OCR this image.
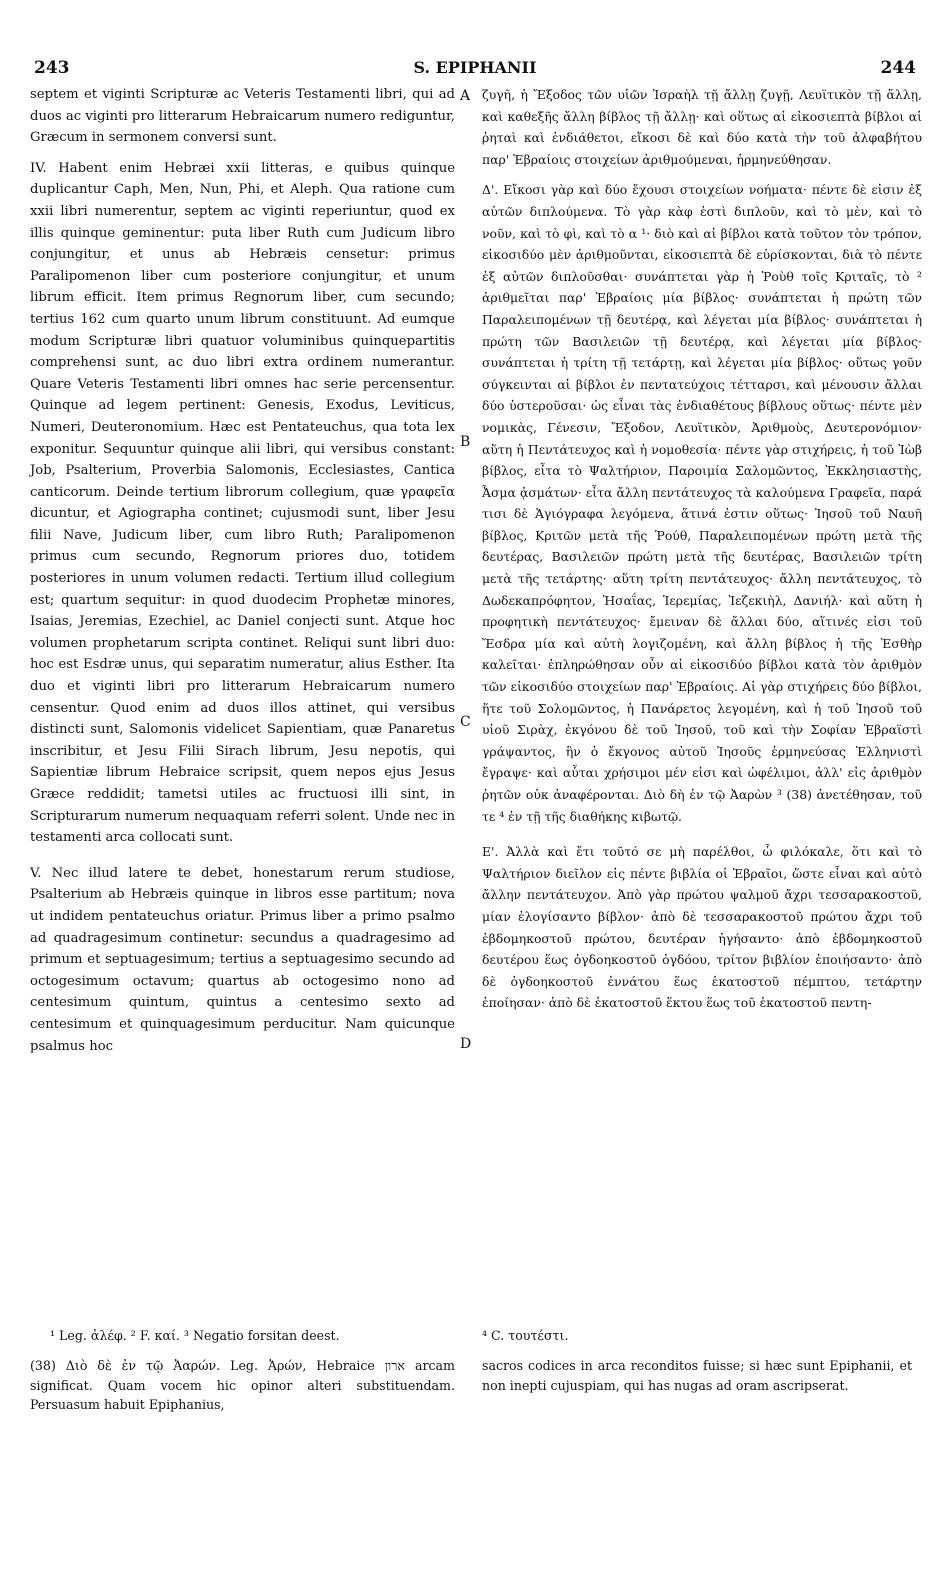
243	S. EPIPHANII	244

septem et viginti Scripturæ ac Veteris Testamenti libri, qui ad duos ac viginti pro litterarum Hebraicarum numero rediguntur, Græcum in sermonem conversi sunt.

IV. Habent enim Hebræi xxii litteras, e quibus quinque duplicantur Caph, Men, Nun, Phi, et Aleph. Qua ratione cum xxii libri numerentur, septem ac viginti reperiuntur, quod ex illis quinque geminentur: puta liber Ruth cum Judicum libro conjungitur, et unus ab Hebræis censetur: primus Paralipomenon liber cum posteriore conjungitur, et unum librum efficit. Item primus Regnorum liber, cum secundo; tertius 162 cum quarto unum librum constituunt. Ad eumque modum Scripturæ libri quatuor voluminibus quinquepartitis comprehensi sunt, ac duo libri extra ordinem numerantur. Quare Veteris Testamenti libri omnes hac serie percensentur. Quinque ad legem pertinent: Genesis, Exodus, Leviticus, Numeri, Deuteronomium. Hæc est Pentateuchus, qua tota lex exponitur. Sequuntur quinque alii libri, qui versibus constant: Job, Psalterium, Proverbia Salomonis, Ecclesiastes, Cantica canticorum. Deinde tertium librorum collegium, quæ γραφεῖα dicuntur, et Agiographa continet; cujusmodi sunt, liber Jesu filii Nave, Judicum liber, cum libro Ruth; Paralipomenon primus cum secundo, Regnorum priores duo, totidem posteriores in unum volumen redacti. Tertium illud collegium est; quartum sequitur: in quod duodecim Prophetæ minores, Isaias, Jeremias, Ezechiel, ac Daniel conjecti sunt. Atque hoc volumen prophetarum scripta continet. Reliqui sunt libri duo: hoc est Esdræ unus, qui separatim numeratur, alius Esther. Ita duo et viginti libri pro litterarum Hebraicarum numero censentur. Quod enim ad duos illos attinet, qui versibus distincti sunt, Salomonis videlicet Sapientiam, quæ Panaretus inscribitur, et Jesu Filii Sirach librum, Jesu nepotis, qui Sapientiæ librum Hebraice scripsit, quem nepos ejus Jesus Græce reddidit; tametsi utiles ac fructuosi illi sint, in Scripturarum numerum nequaquam referri solent. Unde nec in testamenti arca collocati sunt.

V. Nec illud latere te debet, honestarum rerum studiose, Psalterium ab Hebræis quinque in libros esse partitum; nova ut indidem pentateuchus oriatur. Primus liber a primo psalmo ad quadragesimum continetur: secundus a quadragesimo ad primum et septuagesimum; tertius a septuagesimo secundo ad octogesimum octavum; quartus ab octogesimo nono ad centesimum quintum, quintus a centesimo sexto ad centesimum et quinquagesimum perducitur. Nam quicunque psalmus hoc

A
B
C
D

ζυγῆ, ἡ Ἔξοδος τῶν υἱῶν Ἰσραὴλ τῇ ἄλλῃ ζυγῇ, Λευϊτικὸν τῇ ἄλλῃ, καὶ καθεξῆς ἄλλη βίβλος τῇ ἄλλῃ· καὶ οὕτως αἱ εἰκοσιεπτὰ βίβλοι αἱ ῥηταὶ καὶ ἐνδιάθετοι, εἴκοσι δὲ καὶ δύο κατὰ τὴν τοῦ ἀλφαβήτου παρ' Ἑβραίοις στοιχείων ἀριθμούμεναι, ἡρμηνεύθησαν.

Δ'. Εἴκοσι γὰρ καὶ δύο ἔχουσι στοιχείων νοήματα· πέντε δὲ εἰσιν ἐξ αὐτῶν διπλούμενα. Τὸ γὰρ κὰφ ἐστὶ διπλοῦν, καὶ τὸ μὲν, καὶ τὸ νοῦν, καὶ τὸ φὶ, καὶ τὸ α ¹· διὸ καὶ αἱ βίβλοι κατὰ τοῦτον τὸν τρόπον, εἰκοσιδύο μὲν ἀριθμοῦνται, εἰκοσιεπτὰ δὲ εὑρίσκονται, διὰ τὸ πέντε ἐξ αὐτῶν διπλοῦσθαι· συνάπτεται γὰρ ἡ Ῥοὺθ τοῖς Κριταῖς, τὸ ² ἀριθμεῖται παρ' Ἑβραίοις μία βίβλος· συνάπτεται ἡ πρώτη τῶν Παραλειπομένων τῇ δευτέρᾳ, καὶ λέγεται μία βίβλος· συνάπτεται ἡ πρώτη τῶν Βασιλειῶν τῇ δευτέρᾳ, καὶ λέγεται μία βίβλος· συνάπτεται ἡ τρίτη τῇ τετάρτῃ, καὶ λέγεται μία βίβλος· οὕτως γοῦν σύγκεινται αἱ βίβλοι ἐν πεντατεύχοις τέτταρσι, καὶ μένουσιν ἄλλαι δύο ὑστεροῦσαι· ὡς εἶναι τὰς ἐνδιαθέτους βίβλους οὕτως· πέντε μὲν νομικὰς, Γένεσιν, Ἔξοδον, Λευϊτικὸν, Ἀριθμοὺς, Δευτερονόμιον· αὕτη ἡ Πεντάτευχος καὶ ἡ νομοθεσία· πέντε γὰρ στιχήρεις, ἡ τοῦ Ἰὼβ βίβλος, εἶτα τὸ Ψαλτήριον, Παροιμία Σαλομῶντος, Ἐκκλησιαστὴς, Ἆσμα ᾀσμάτων· εἶτα ἄλλη πεντάτευχος τὰ καλούμενα Γραφεῖα, παρά τισι δὲ Ἁγιόγραφα λεγόμενα, ἅτινά ἐστιν οὕτως· Ἰησοῦ τοῦ Ναυῆ βίβλος, Κριτῶν μετὰ τῆς Ῥούθ, Παραλειπομένων πρώτη μετὰ τῆς δευτέρας, Βασιλειῶν πρώτη μετὰ τῆς δευτέρας, Βασιλειῶν τρίτη μετὰ τῆς τετάρτης· αὕτη τρίτη πεντάτευχος· ἄλλη πεντάτευχος, τὸ Δωδεκαπρόφητον, Ἡσαΐας, Ἱερεμίας, Ἰεζεκιὴλ, Δανιήλ· καὶ αὕτη ἡ προφητικὴ πεντάτευχος· ἔμειναν δὲ ἄλλαι δύο, αἵτινές εἰσι τοῦ Ἔσδρα μία καὶ αὐτὴ λογιζομένη, καὶ ἄλλη βίβλος ἡ τῆς Ἐσθὴρ καλεῖται· ἐπληρώθησαν οὖν αἱ εἰκοσιδύο βίβλοι κατὰ τὸν ἀριθμὸν τῶν εἰκοσιδύο στοιχείων παρ' Ἑβραίοις. Αἱ γὰρ στιχήρεις δύο βίβλοι, ἥτε τοῦ Σολομῶντος, ἡ Πανάρετος λεγομένη, καὶ ἡ τοῦ Ἰησοῦ τοῦ υἱοῦ Σιρὰχ, ἐκγόνου δὲ τοῦ Ἰησοῦ, τοῦ καὶ τὴν Σοφίαν Ἑβραϊστὶ γράψαντος, ἣν ὁ ἔκγονος αὐτοῦ Ἰησοῦς ἑρμηνεύσας Ἑλληνιστὶ ἔγραψε· καὶ αὗται χρήσιμοι μέν εἰσι καὶ ὠφέλιμοι, ἀλλ' εἰς ἀριθμὸν ῥητῶν οὐκ ἀναφέρονται. Διὸ δὴ ἐν τῷ Ἀαρὼν ³ (38) ἀνετέθησαν, τοῦ τε ⁴ ἐν τῇ τῆς διαθήκης κιβωτῷ.

Ε'. Ἀλλὰ καὶ ἔτι τοῦτό σε μὴ παρέλθοι, ὦ φιλόκαλε, ὅτι καὶ τὸ Ψαλτήριον διεῖλον εἰς πέντε βιβλία οἱ Ἑβραῖοι, ὥστε εἶναι καὶ αὐτὸ ἄλλην πεντάτευχον. Ἀπὸ γὰρ πρώτου ψαλμοῦ ἄχρι τεσσαρακοστοῦ, μίαν ἐλογίσαντο βίβλον· ἀπὸ δὲ τεσσαρακοστοῦ πρώτου ἄχρι τοῦ ἑβδομηκοστοῦ πρώτου, δευτέραν ἡγήσαντο· ἀπὸ ἑβδομηκοστοῦ δευτέρου ἕως ὀγδοηκοστοῦ ὀγδόου, τρίτον βιβλίον ἐποιήσαντο· ἀπὸ δὲ ὀγδοηκοστοῦ ἐννάτου ἕως ἑκατοστοῦ πέμπτου, τετάρτην ἐποίησαν· ἀπὸ δὲ ἑκατοστοῦ ἕκτου ἕως τοῦ ἑκατοστοῦ πεντη-

¹ Leg. ἀλέφ. ² F. καί. ³ Negatio forsitan deest.	⁴ C. τουτέστι.

(38) Διὸ δὲ ἐν τῷ Ἀαρών. Leg. Ἀρών, Hebraice ארון arcam significat. Quam vocem hic opinor alteri substituendam. Persuasum habuit Epiphanius,

sacros codices in arca reconditos fuisse; si hæc sunt Epiphanii, et non inepti cujuspiam, qui has nugas ad oram ascripserat.
